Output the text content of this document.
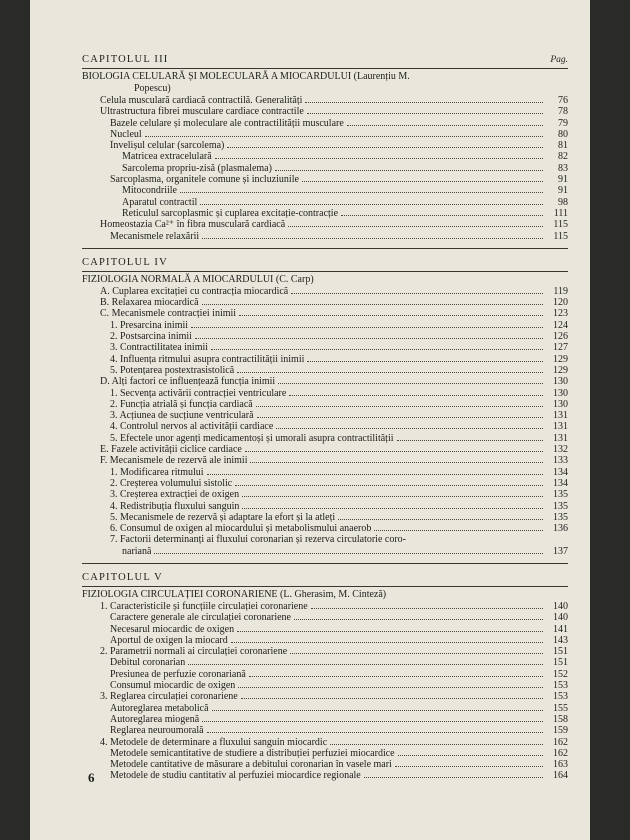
CAPITOLUL III	Pag.
BIOLOGIA CELULARĂ ȘI MOLECULARĂ A MIOCARDULUI (Laurențiu M.
Popescu)
Celula musculară cardiacă contractilă. Generalități	76
Ultrastructura fibrei musculare cardiace contractile	78
Bazele celulare și moleculare ale contractilității musculare	79
Nucleul	80
Învelișul celular (sarcolema)	81
Matricea extracelulară	82
Sarcolema propriu-zisă (plasmalema)	83
Sarcoplasma, organitele comune și incluziunile	91
Mitocondriile	91
Aparatul contractil	98
Reticulul sarcoplasmic și cuplarea excitație-contracție	111
Homeostazia Ca²⁺ în fibra musculară cardiacă	115
Mecanismele relaxării	115
CAPITOLUL IV
FIZIOLOGIA NORMALĂ A MIOCARDULUI (C. Carp)
A. Cuplarea excitației cu contracția miocardică	119
B. Relaxarea miocardică	120
C. Mecanismele contracției inimii	123
1. Presarcina inimii	124
2. Postsarcina inimii	126
3. Contractilitatea inimii	127
4. Influența ritmului asupra contractilității inimii	129
5. Potențarea postextrasistolică	129
D. Alți factori ce influențează funcția inimii	130
1. Secvența activării contracției ventriculare	130
2. Funcția atrială și funcția cardiacă	130
3. Acțiunea de sucțiune ventriculară	131
4. Controlul nervos al activității cardiace	131
5. Efectele unor agenți medicamentoși și umorali asupra contractilității	131
E. Fazele activității ciclice cardiace	132
F. Mecanismele de rezervă ale inimii	133
1. Modificarea ritmului	134
2. Creșterea volumului sistolic	134
3. Creșterea extracției de oxigen	135
4. Redistribuția fluxului sanguin	135
5. Mecanismele de rezervă și adaptare la efort și la atleți	135
6. Consumul de oxigen al miocardului și metabolismului anaerob	136
7. Factorii determinanți ai fluxului coronarian și rezerva circulatorie coro-
nariană	137
CAPITOLUL V
FIZIOLOGIA CIRCULAȚIEI CORONARIENE (L. Gherasim, M. Cinteză)
1. Caracteristicile și funcțiile circulației coronariene	140
Caractere generale ale circulației coronariene	140
Necesarul miocardic de oxigen	141
Aportul de oxigen la miocard	143
2. Parametrii normali ai circulației coronariene	151
Debitul coronarian	151
Presiunea de perfuzie coronariană	152
Consumul miocardic de oxigen	153
3. Reglarea circulației coronariene	153
Autoreglarea metabolică	155
Autoreglarea miogenă	158
Reglarea neuroumorală	159
4. Metodele de determinare a fluxului sanguin miocardic	162
Metodele semicantitative de studiere a distribuției perfuziei miocardice	162
Metodele cantitative de măsurare a debitului coronarian în vasele mari	163
Metodele de studiu cantitativ al perfuziei miocardice regionale	164
6
